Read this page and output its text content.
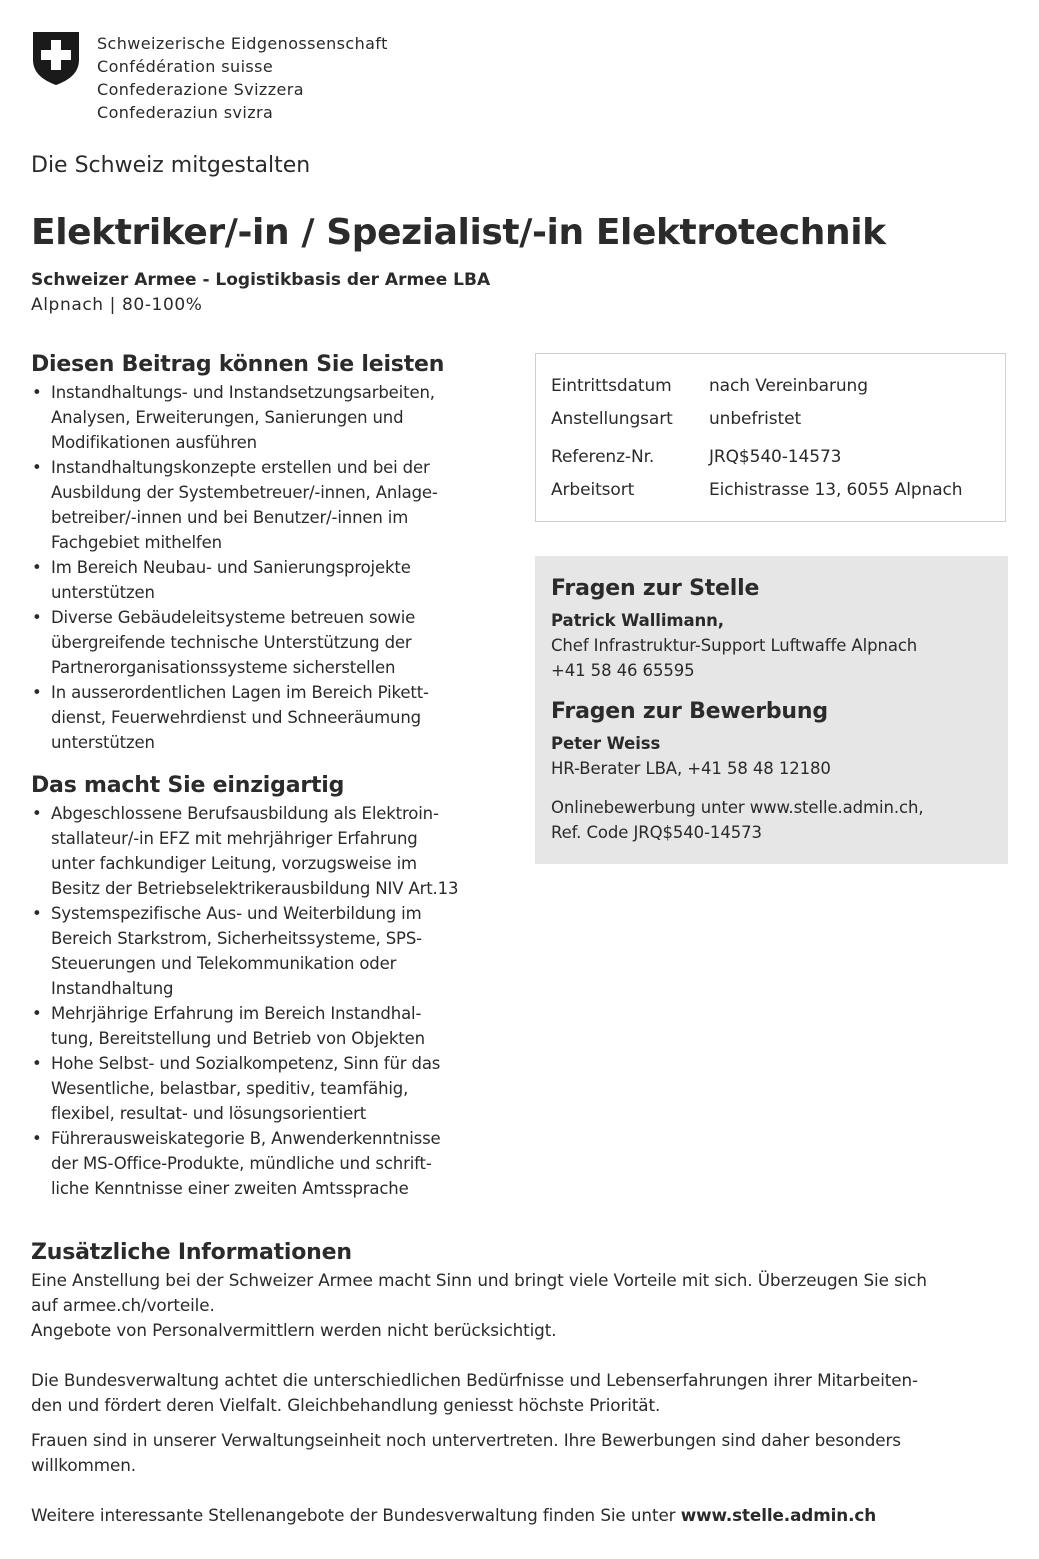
Schweizerische Eidgenossenschaft
Confédération suisse
Confederazione Svizzera
Confederaziun svizra
Die Schweiz mitgestalten
Elektriker/-in / Spezialist/-in Elektrotechnik
Schweizer Armee - Logistikbasis der Armee LBA
Alpnach | 80-100%
Diesen Beitrag können Sie leisten
• Instandhaltungs- und Instandsetzungsarbeiten,
Analysen, Erweiterungen, Sanierungen und
Modifikationen ausführen
• Instandhaltungskonzepte erstellen und bei der
Ausbildung der Systembetreuer/-innen, Anlage-
betreiber/-innen und bei Benutzer/-innen im
Fachgebiet mithelfen
• Im Bereich Neubau- und Sanierungsprojekte
unterstützen
• Diverse Gebäudeleitsysteme betreuen sowie
übergreifende technische Unterstützung der
Partnerorganisationssysteme sicherstellen
• In ausserordentlichen Lagen im Bereich Pikett-
dienst, Feuerwehrdienst und Schneeräumung
unterstützen
Das macht Sie einzigartig
• Abgeschlossene Berufsausbildung als Elektroin-
stallateur/-in EFZ mit mehrjähriger Erfahrung
unter fachkundiger Leitung, vorzugsweise im
Besitz der Betriebselektrikerausbildung NIV Art.13
• Systemspezifische Aus- und Weiterbildung im
Bereich Starkstrom, Sicherheitssysteme, SPS-
Steuerungen und Telekommunikation oder
Instandhaltung
• Mehrjährige Erfahrung im Bereich Instandhal-
tung, Bereitstellung und Betrieb von Objekten
• Hohe Selbst- und Sozialkompetenz, Sinn für das
Wesentliche, belastbar, speditiv, teamfähig,
flexibel, resultat- und lösungsorientiert
• Führerausweiskategorie B, Anwenderkenntnisse
der MS-Office-Produkte, mündliche und schrift-
liche Kenntnisse einer zweiten Amtssprache
Eintrittsdatum nach Vereinbarung
Anstellungsart unbefristet
Referenz-Nr.	JRQ$540-14573
Arbeitsort	Eichistrasse 13, 6055 Alpnach
Fragen zur Stelle
Patrick Wallimann,
Chef Infrastruktur-Support Luftwaffe Alpnach
+41 58 46 65595
Fragen zur Bewerbung
Peter Weiss
HR-Berater LBA, +41 58 48 12180
Onlinebewerbung unter www.stelle.admin.ch,
Ref. Code JRQ$540-14573
Zusätzliche Informationen
Eine Anstellung bei der Schweizer Armee macht Sinn und bringt viele Vorteile mit sich. Überzeugen Sie sich
auf armee.ch/vorteile.
Angebote von Personalvermittlern werden nicht berücksichtigt.
Die Bundesverwaltung achtet die unterschiedlichen Bedürfnisse und Lebenserfahrungen ihrer Mitarbeiten-
den und fördert deren Vielfalt. Gleichbehandlung geniesst höchste Priorität.
Frauen sind in unserer Verwaltungseinheit noch untervertreten. Ihre Bewerbungen sind daher besonders
willkommen.
Weitere interessante Stellenangebote der Bundesverwaltung finden Sie unter www.stelle.admin.ch
